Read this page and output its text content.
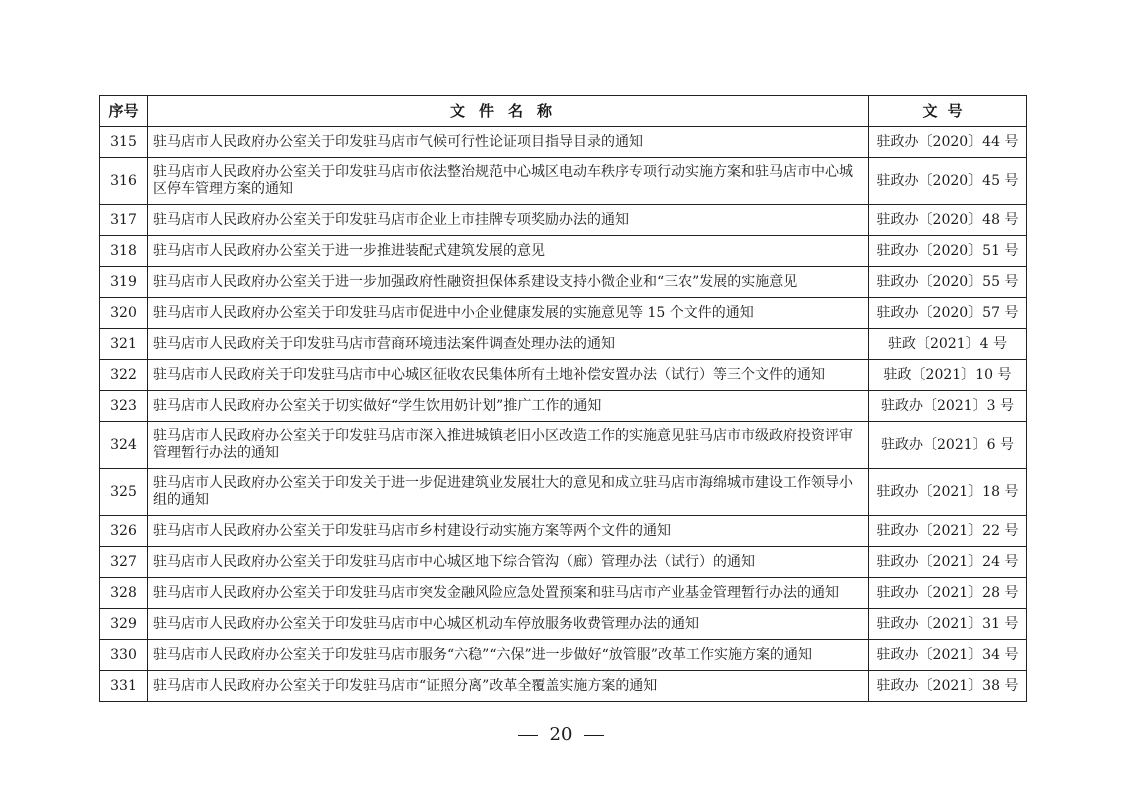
序号	文件名称	文号
315	驻马店市人民政府办公室关于印发驻马店市气候可行性论证项目指导目录的通知	驻政办〔2020〕44 号
316	驻马店市人民政府办公室关于印发驻马店市依法整治规范中心城区电动车秩序专项行动实施方案和驻马店市中心城区停车管理方案的通知	驻政办〔2020〕45 号
317	驻马店市人民政府办公室关于印发驻马店市企业上市挂牌专项奖励办法的通知	驻政办〔2020〕48 号
318	驻马店市人民政府办公室关于进一步推进装配式建筑发展的意见	驻政办〔2020〕51 号
319	驻马店市人民政府办公室关于进一步加强政府性融资担保体系建设支持小微企业和“三农”发展的实施意见	驻政办〔2020〕55 号
320	驻马店市人民政府办公室关于印发驻马店市促进中小企业健康发展的实施意见等 15 个文件的通知	驻政办〔2020〕57 号
321	驻马店市人民政府关于印发驻马店市营商环境违法案件调查处理办法的通知	驻政〔2021〕4 号
322	驻马店市人民政府关于印发驻马店市中心城区征收农民集体所有土地补偿安置办法（试行）等三个文件的通知	驻政〔2021〕10 号
323	驻马店市人民政府办公室关于切实做好“学生饮用奶计划”推广工作的通知	驻政办〔2021〕3 号
324	驻马店市人民政府办公室关于印发驻马店市深入推进城镇老旧小区改造工作的实施意见驻马店市市级政府投资评审管理暂行办法的通知	驻政办〔2021〕6 号
325	驻马店市人民政府办公室关于印发关于进一步促进建筑业发展壮大的意见和成立驻马店市海绵城市建设工作领导小组的通知	驻政办〔2021〕18 号
326	驻马店市人民政府办公室关于印发驻马店市乡村建设行动实施方案等两个文件的通知	驻政办〔2021〕22 号
327	驻马店市人民政府办公室关于印发驻马店市中心城区地下综合管沟（廊）管理办法（试行）的通知	驻政办〔2021〕24 号
328	驻马店市人民政府办公室关于印发驻马店市突发金融风险应急处置预案和驻马店市产业基金管理暂行办法的通知	驻政办〔2021〕28 号
329	驻马店市人民政府办公室关于印发驻马店市中心城区机动车停放服务收费管理办法的通知	驻政办〔2021〕31 号
330	驻马店市人民政府办公室关于印发驻马店市服务“六稳”“六保”进一步做好“放管服”改革工作实施方案的通知	驻政办〔2021〕34 号
331	驻马店市人民政府办公室关于印发驻马店市“证照分离”改革全覆盖实施方案的通知	驻政办〔2021〕38 号
20
